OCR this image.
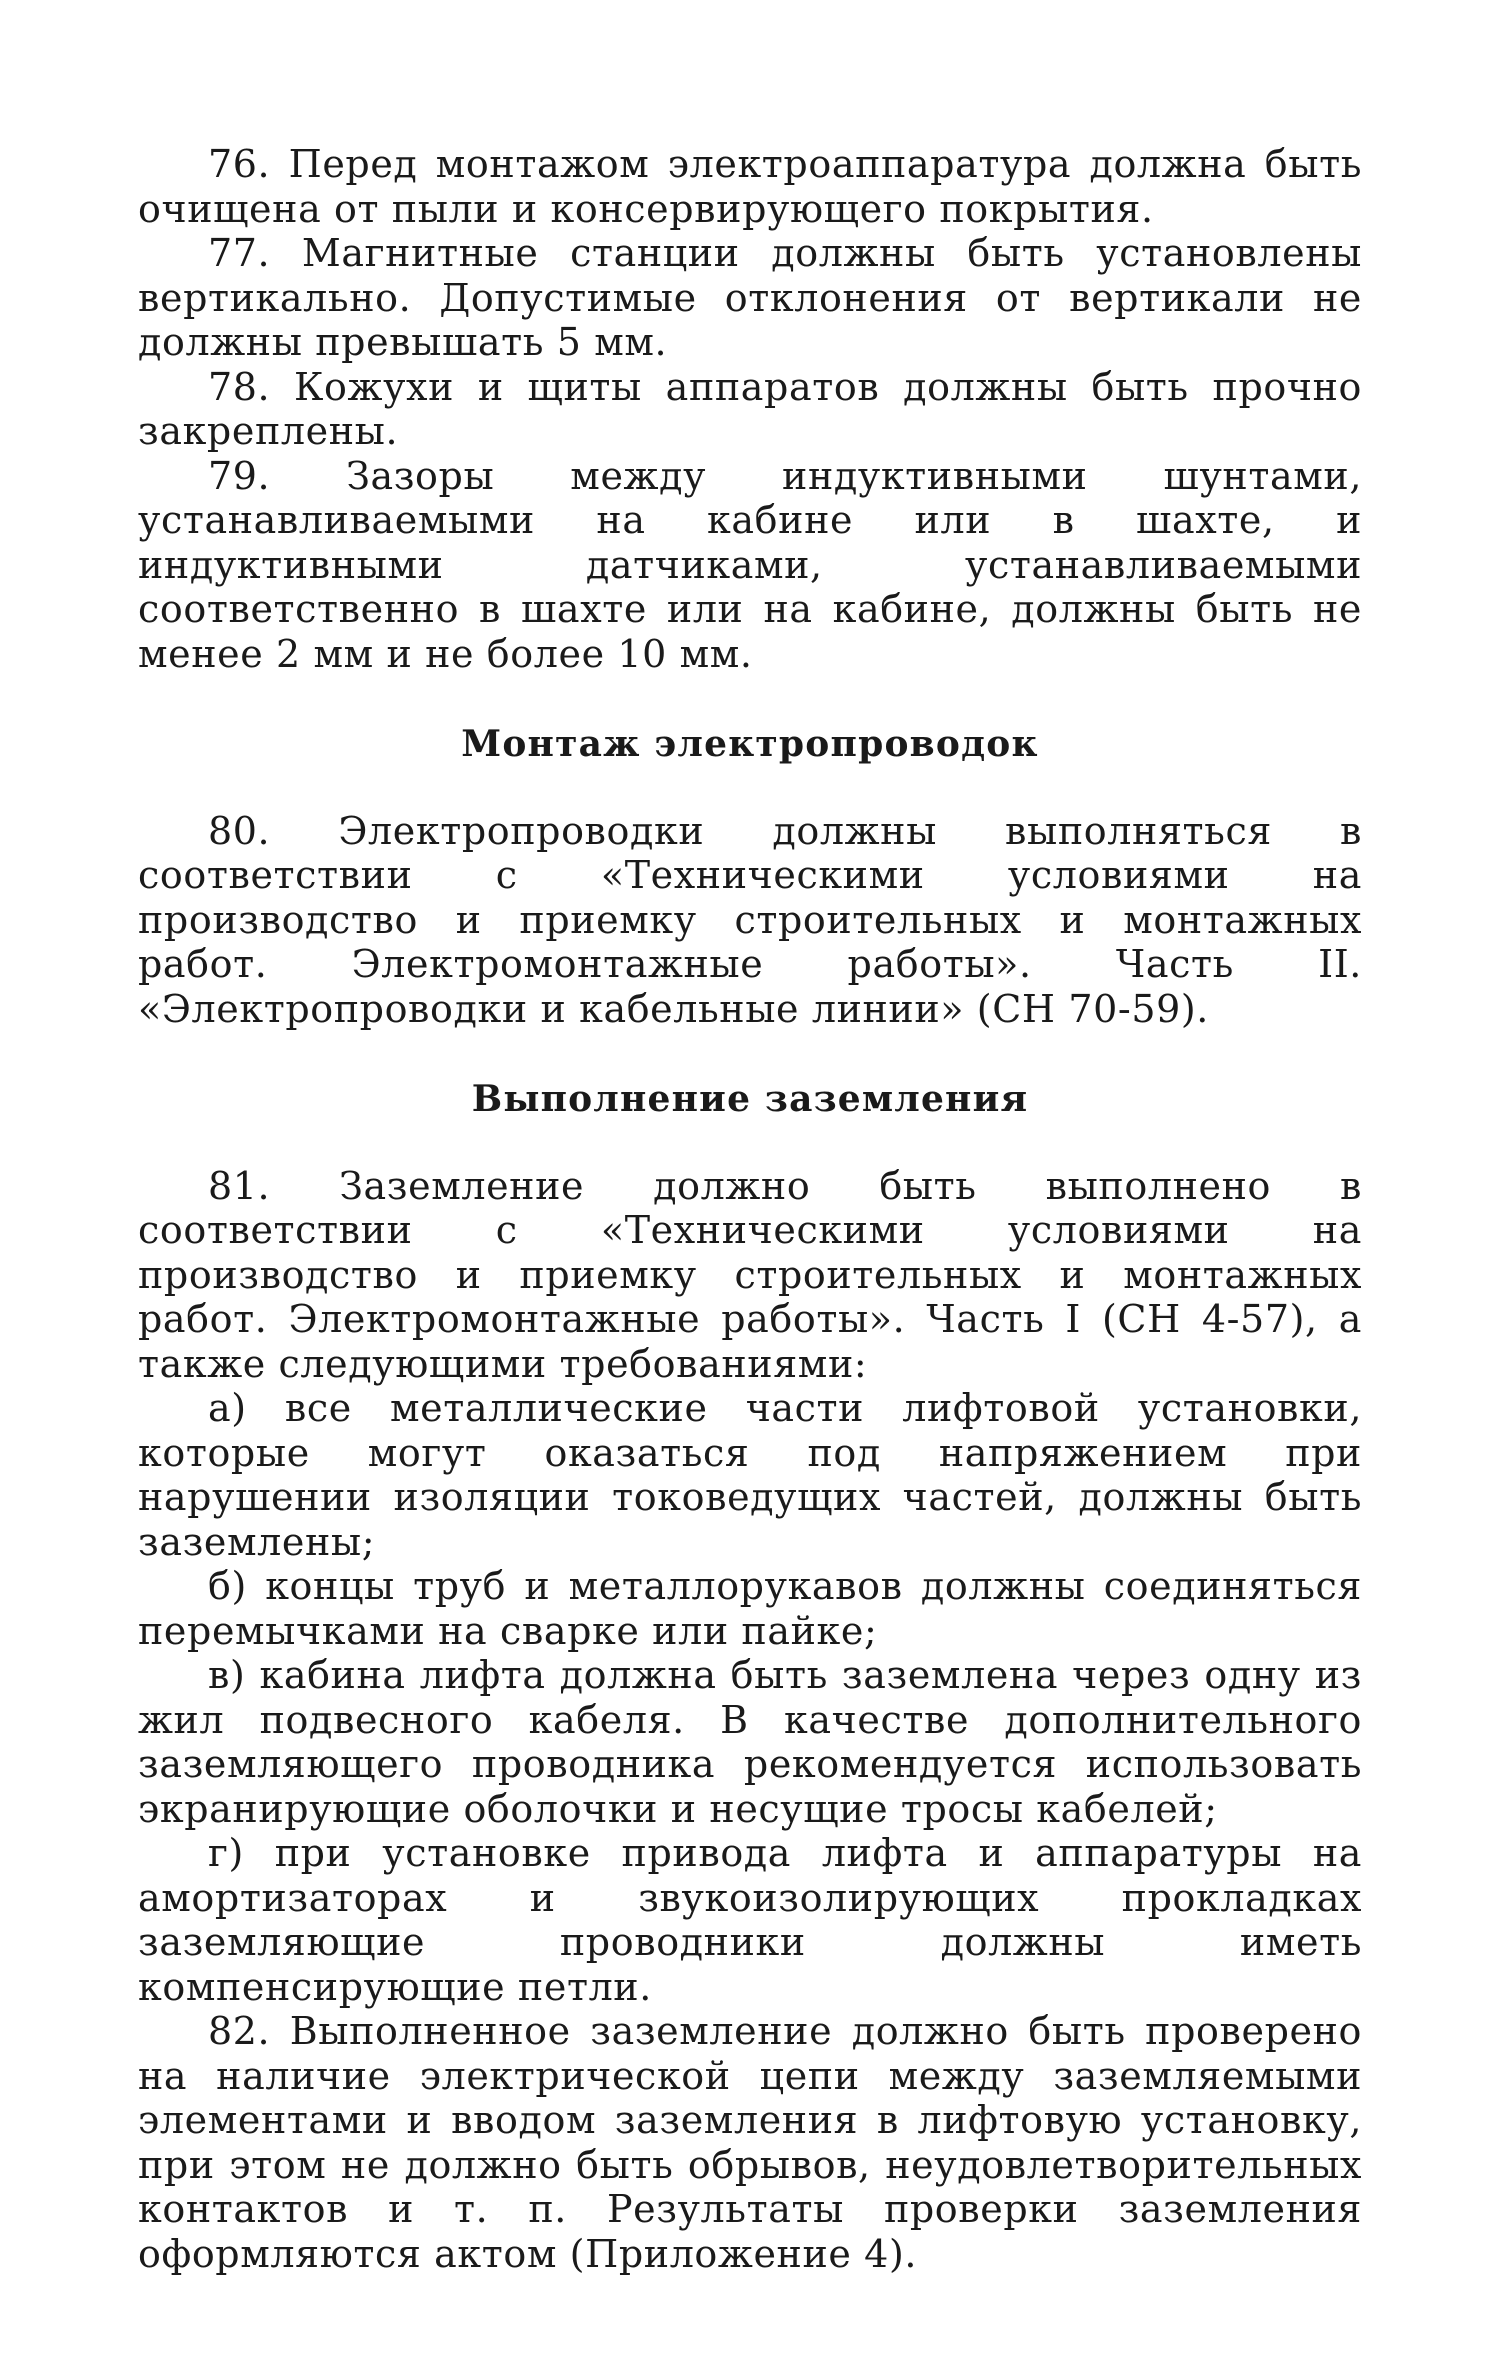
76. Перед монтажом электроаппаратура должна быть очищена от пыли и консервирующего покрытия.

77. Магнитные станции должны быть установлены вертикально. Допустимые отклонения от вертикали не должны превышать 5 мм.

78. Кожухи и щиты аппаратов должны быть прочно закреплены.

79. Зазоры между индуктивными шунтами, устанавливаемыми на кабине или в шахте, и индуктивными датчиками, устанавливаемыми соответственно в шахте или на кабине, должны быть не менее 2 мм и не более 10 мм.

Монтаж электропроводок

80. Электропроводки должны выполняться в соответствии с «Техническими условиями на производство и приемку строительных и монтажных работ. Электромонтажные работы». Часть II. «Электропроводки и кабельные линии» (СН 70-59).

Выполнение заземления

81. Заземление должно быть выполнено в соответствии с «Техническими условиями на производство и приемку строительных и монтажных работ. Электромонтажные работы». Часть I (СН 4-57), а также следующими требованиями:

а) все металлические части лифтовой установки, которые могут оказаться под напряжением при нарушении изоляции токоведущих частей, должны быть заземлены;

б) концы труб и металлорукавов должны соединяться перемычками на сварке или пайке;

в) кабина лифта должна быть заземлена через одну из жил подвесного кабеля. В качестве дополнительного заземляющего проводника рекомендуется использовать экранирующие оболочки и несущие тросы кабелей;

г) при установке привода лифта и аппаратуры на амортизаторах и звукоизолирующих прокладках заземляющие проводники должны иметь компенсирующие петли.

82. Выполненное заземление должно быть проверено на наличие электрической цепи между заземляемыми элементами и вводом заземления в лифтовую установку, при этом не должно быть обрывов, неудовлетворительных контактов и т. п. Результаты проверки заземления оформляются актом (Приложение 4).
